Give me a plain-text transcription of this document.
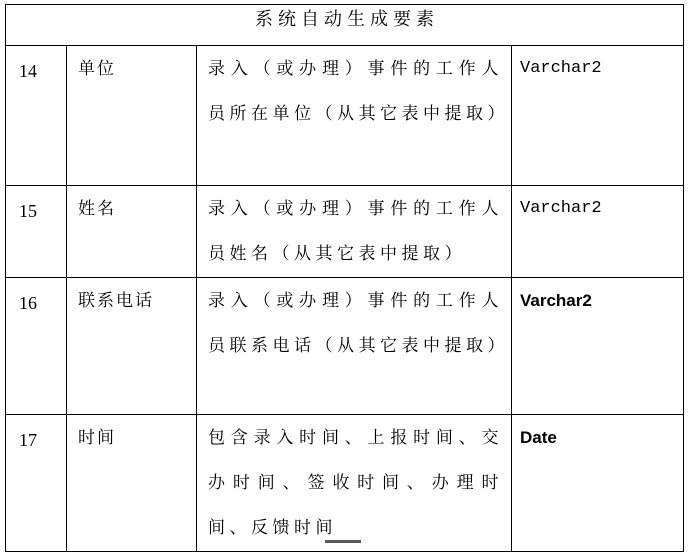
系统自动生成要素			
14	单位	录入（或办理）事件的工作人员所在单位（从其它表中提取）	Varchar2
15	姓名	录入（或办理）事件的工作人员姓名（从其它表中提取）	Varchar2
16	联系电话	录入（或办理）事件的工作人员联系电话（从其它表中提取）	Varchar2
17	时间	包含录入时间、上报时间、交办时间、签收时间、办理时间、反馈时间	Date
